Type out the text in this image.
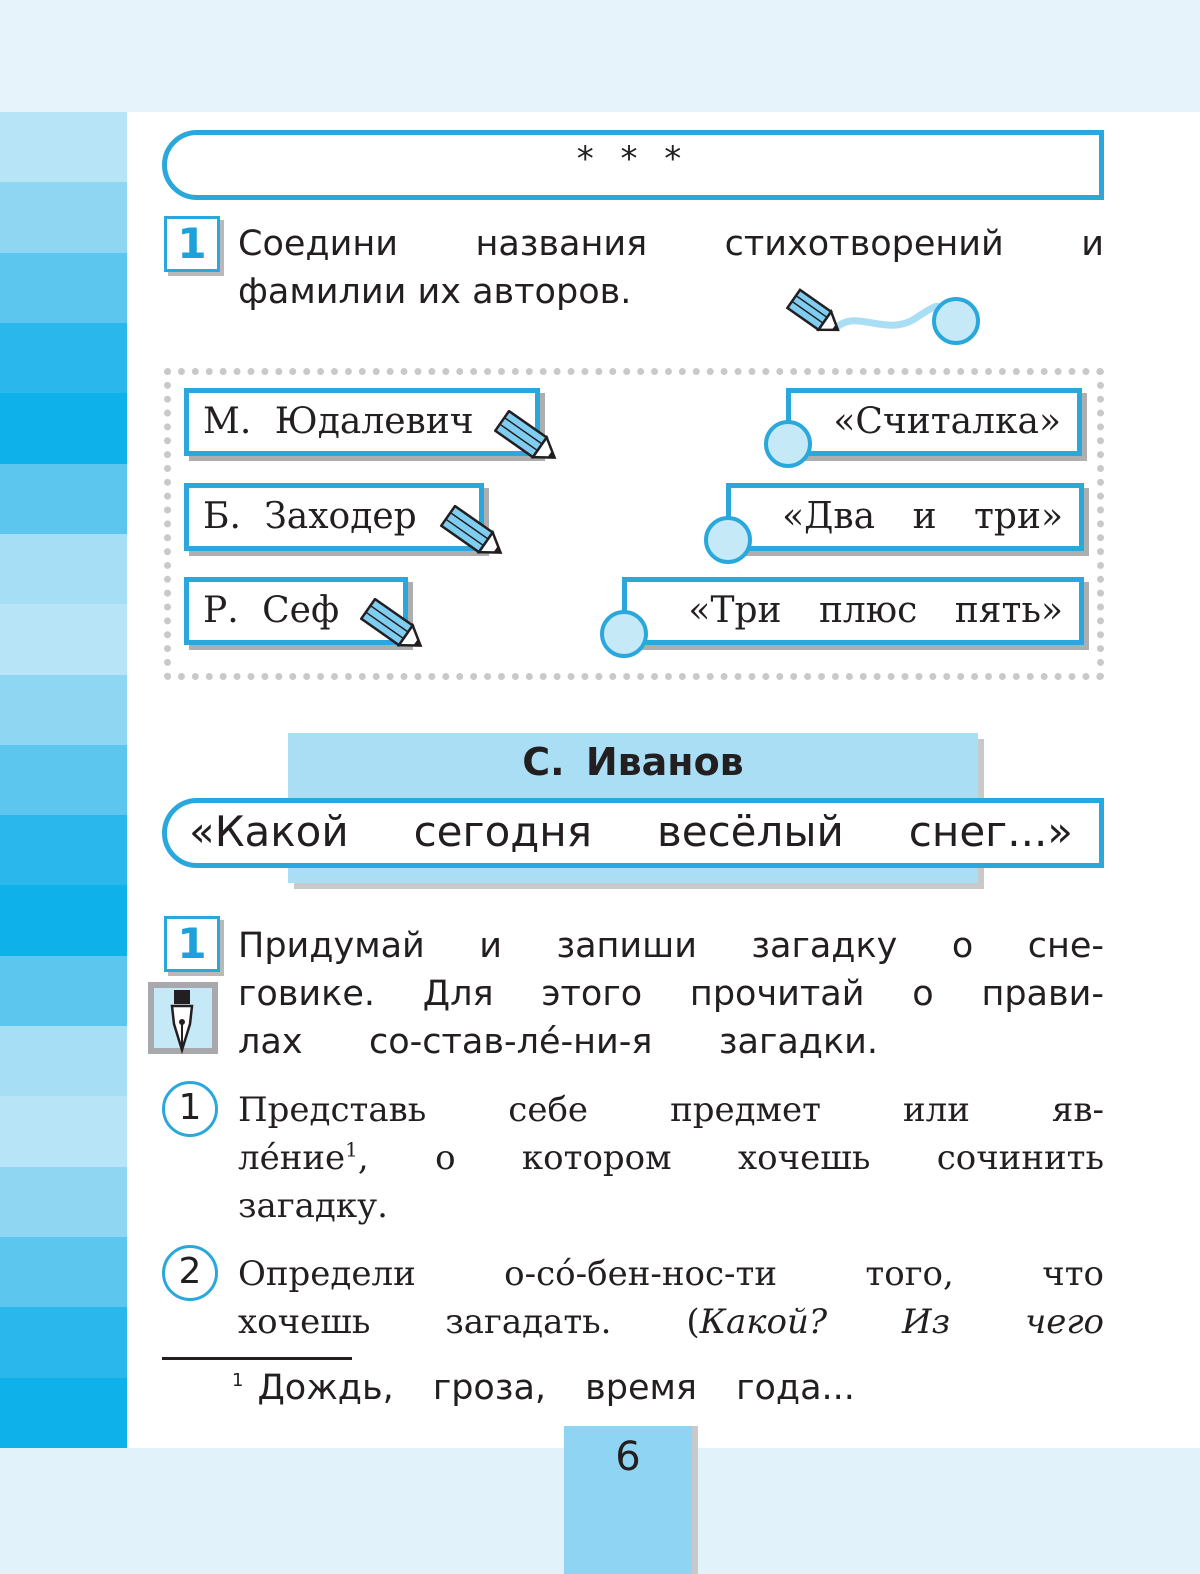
* * *
1 Соедини названия стихотворений и
фамилии их авторов.
М. Юдалевич
Б. Заходер
Р. Сеф
«Считалка»
«Два и три»
«Три плюс пять»
С. Иванов
«Какой сегодня весёлый снег...»
1 Придумай и запиши загадку о сне-
говике. Для этого прочитай о прави-
лах со-став-ле́-ни-я загадки.
1	Представь себе предмет или яв-
ле́ние$^1$, о котором хочешь сочинить
загадку.
2	Определи о-со́-бен-нос-ти того, что
хочешь загадать. (Какой? Из чего
$^1$ Дождь, гроза, время года...
6
